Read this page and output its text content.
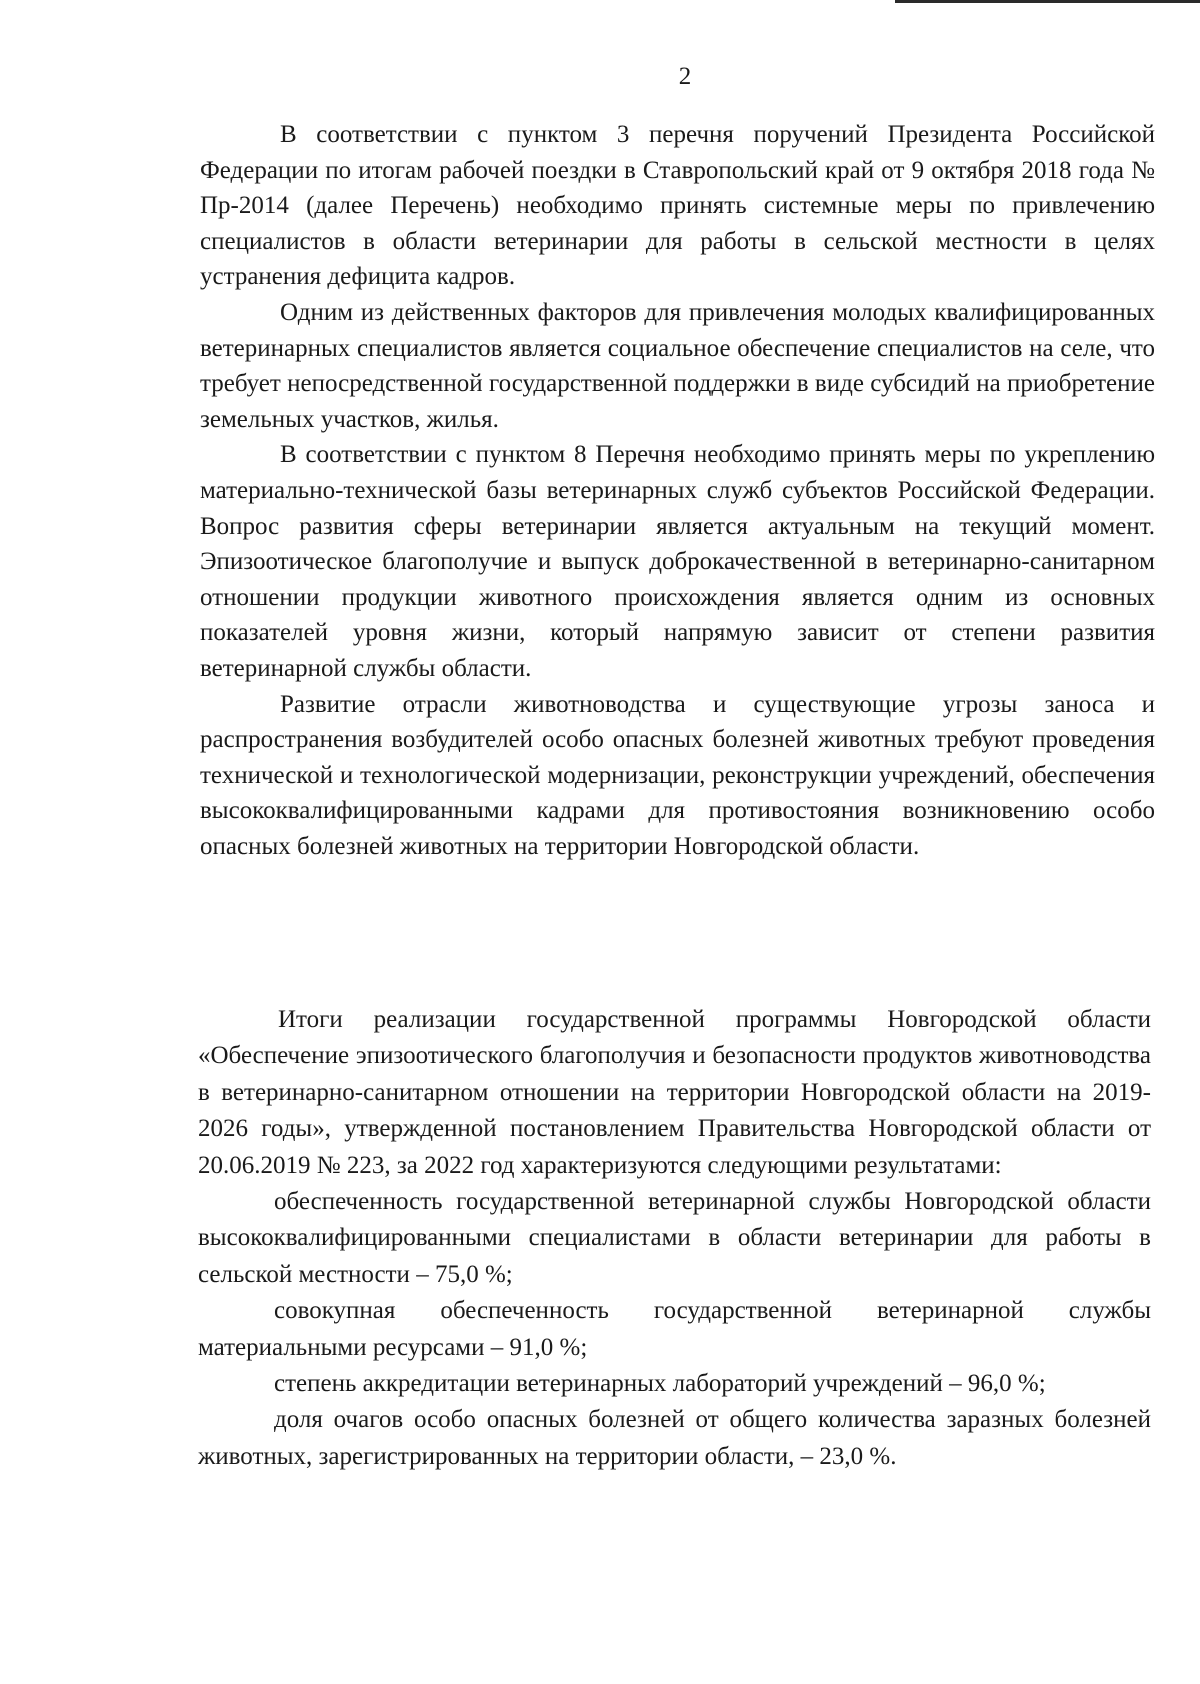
2

В соответствии с пунктом 3 перечня поручений Президента Российской Федерации по итогам рабочей поездки в Ставропольский край от 9 октября 2018 года № Пр-2014 (далее Перечень) необходимо принять системные меры по привлечению специалистов в области ветеринарии для работы в сельской местности в целях устранения дефицита кадров.

Одним из действенных факторов для привлечения молодых квалифицированных ветеринарных специалистов является социальное обеспечение специалистов на селе, что требует непосредственной государственной поддержки в виде субсидий на приобретение земельных участков, жилья.

В соответствии с пунктом 8 Перечня необходимо принять меры по укреплению материально-технической базы ветеринарных служб субъектов Российской Федерации. Вопрос развития сферы ветеринарии является актуальным на текущий момент. Эпизоотическое благополучие и выпуск доброкачественной в ветеринарно-санитарном отношении продукции животного происхождения является одним из основных показателей уровня жизни, который напрямую зависит от степени развития ветеринарной службы области.

Развитие отрасли животноводства и существующие угрозы заноса и распространения возбудителей особо опасных болезней животных требуют проведения технической и технологической модернизации, реконструкции учреждений, обеспечения высококвалифицированными кадрами для противостояния возникновению особо опасных болезней животных на территории Новгородской области.

Итоги реализации государственной программы Новгородской области «Обеспечение эпизоотического благополучия и безопасности продуктов животноводства в ветеринарно-санитарном отношении на территории Новгородской области на 2019-2026 годы», утвержденной постановлением Правительства Новгородской области от 20.06.2019 № 223, за 2022 год характеризуются следующими результатами:

обеспеченность государственной ветеринарной службы Новгородской области высококвалифицированными специалистами в области ветеринарии для работы в сельской местности – 75,0 %;

совокупная обеспеченность государственной ветеринарной службы материальными ресурсами – 91,0 %;

степень аккредитации ветеринарных лабораторий учреждений – 96,0 %;

доля очагов особо опасных болезней от общего количества заразных болезней животных, зарегистрированных на территории области, – 23,0 %.
